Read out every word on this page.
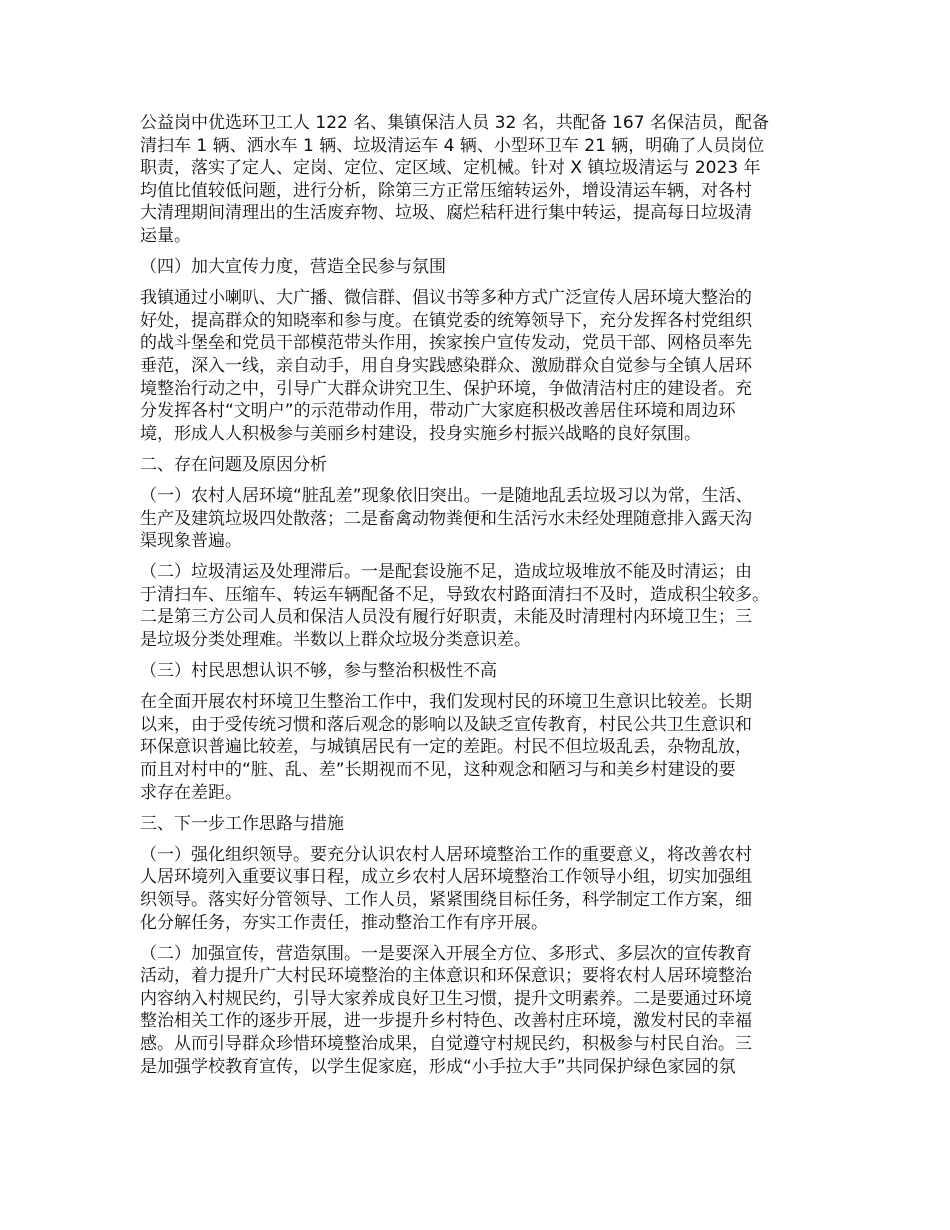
公益岗中优选环卫工人 122 名、集镇保洁人员 32 名，共配备 167 名保洁员，配备
清扫车 1 辆、洒水车 1 辆、垃圾清运车 4 辆、小型环卫车 21 辆，明确了人员岗位
职责，落实了定人、定岗、定位、定区域、定机械。针对 X 镇垃圾清运与 2023 年
均值比值较低问题，进行分析，除第三方正常压缩转运外，增设清运车辆，对各村
大清理期间清理出的生活废弃物、垃圾、腐烂秸秆进行集中转运，提高每日垃圾清
运量。

（四）加大宣传力度，营造全民参与氛围

我镇通过小喇叭、大广播、微信群、倡议书等多种方式广泛宣传人居环境大整治的
好处，提高群众的知晓率和参与度。在镇党委的统筹领导下，充分发挥各村党组织
的战斗堡垒和党员干部模范带头作用，挨家挨户宣传发动，党员干部、网格员率先
垂范，深入一线，亲自动手，用自身实践感染群众、激励群众自觉参与全镇人居环
境整治行动之中，引导广大群众讲究卫生、保护环境，争做清洁村庄的建设者。充
分发挥各村“文明户”的示范带动作用，带动广大家庭积极改善居住环境和周边环
境，形成人人积极参与美丽乡村建设，投身实施乡村振兴战略的良好氛围。

二、存在问题及原因分析

（一）农村人居环境“脏乱差”现象依旧突出。一是随地乱丢垃圾习以为常，生活、
生产及建筑垃圾四处散落；二是畜禽动物粪便和生活污水未经处理随意排入露天沟
渠现象普遍。

（二）垃圾清运及处理滞后。一是配套设施不足，造成垃圾堆放不能及时清运；由
于清扫车、压缩车、转运车辆配备不足，导致农村路面清扫不及时，造成积尘较多。
二是第三方公司人员和保洁人员没有履行好职责，未能及时清理村内环境卫生；三
是垃圾分类处理难。半数以上群众垃圾分类意识差。

（三）村民思想认识不够，参与整治积极性不高

在全面开展农村环境卫生整治工作中，我们发现村民的环境卫生意识比较差。长期
以来，由于受传统习惯和落后观念的影响以及缺乏宣传教育，村民公共卫生意识和
环保意识普遍比较差，与城镇居民有一定的差距。村民不但垃圾乱丢，杂物乱放，
而且对村中的“脏、乱、差”长期视而不见，这种观念和陋习与和美乡村建设的要
求存在差距。

三、下一步工作思路与措施

（一）强化组织领导。要充分认识农村人居环境整治工作的重要意义，将改善农村
人居环境列入重要议事日程，成立乡农村人居环境整治工作领导小组，切实加强组
织领导。落实好分管领导、工作人员，紧紧围绕目标任务，科学制定工作方案，细
化分解任务，夯实工作责任，推动整治工作有序开展。

（二）加强宣传，营造氛围。一是要深入开展全方位、多形式、多层次的宣传教育
活动，着力提升广大村民环境整治的主体意识和环保意识；要将农村人居环境整治
内容纳入村规民约，引导大家养成良好卫生习惯，提升文明素养。二是要通过环境
整治相关工作的逐步开展，进一步提升乡村特色、改善村庄环境，激发村民的幸福
感。从而引导群众珍惜环境整治成果，自觉遵守村规民约，积极参与村民自治。三
是加强学校教育宣传，以学生促家庭，形成“小手拉大手”共同保护绿色家园的氛
